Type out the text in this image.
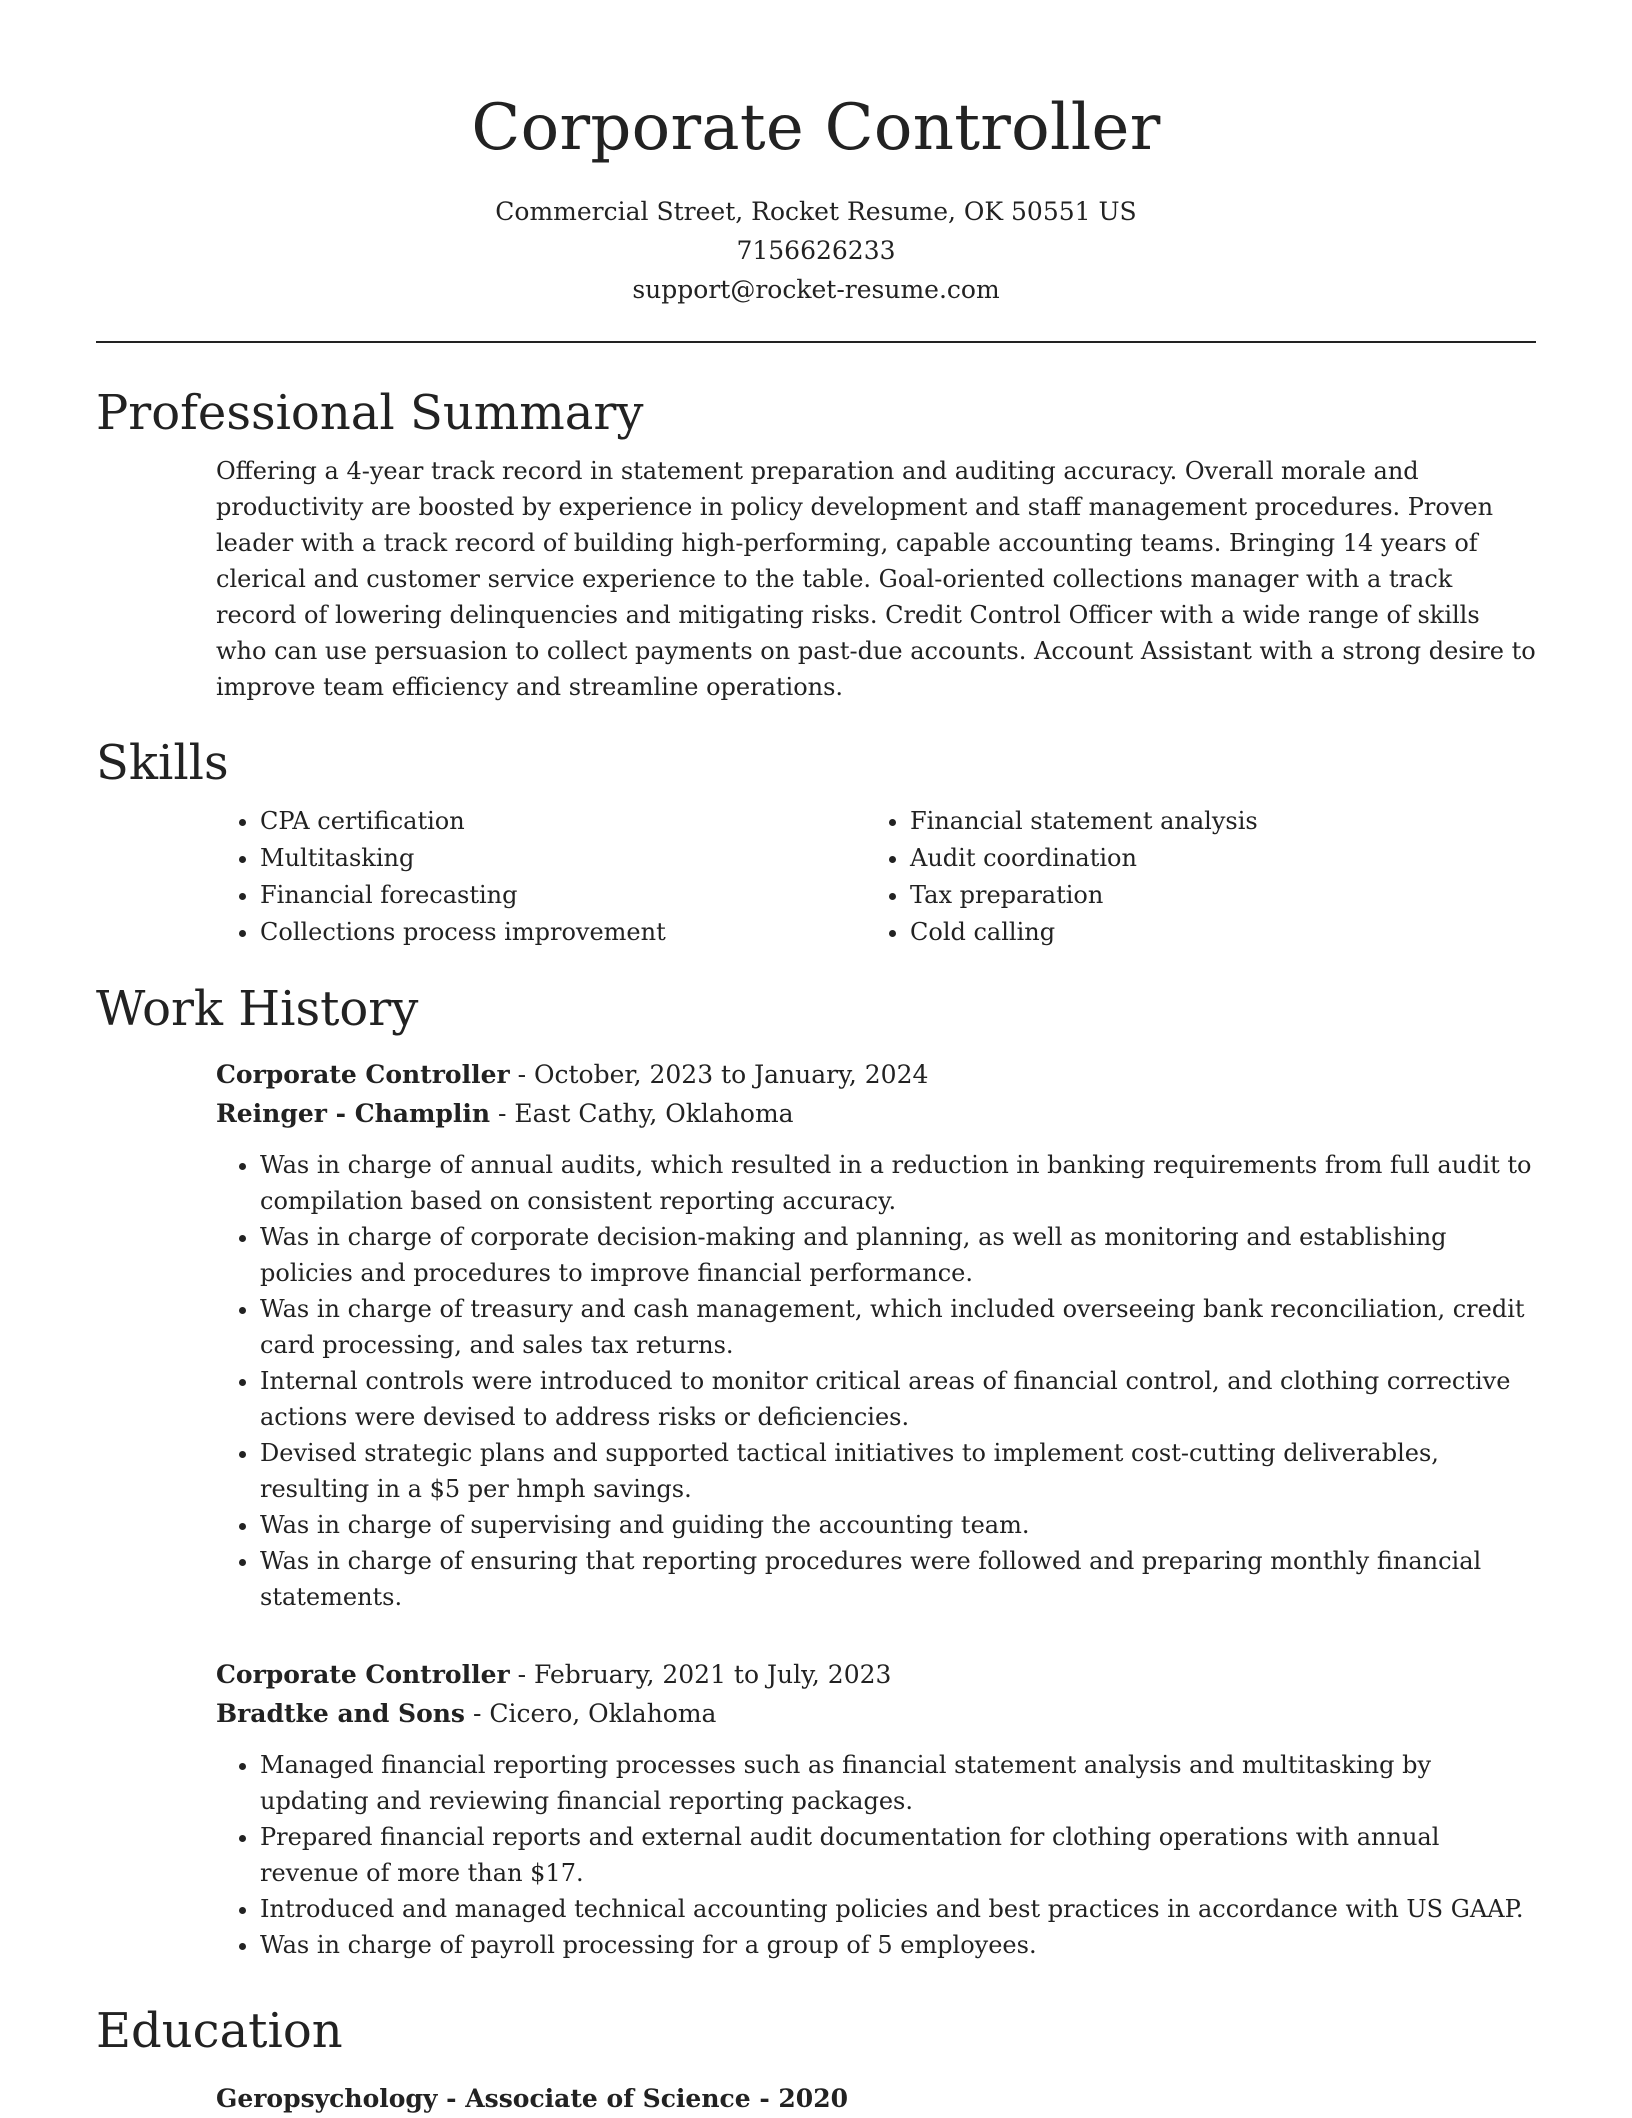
Corporate Controller
Commercial Street, Rocket Resume, OK 50551 US
7156626233
support@rocket-resume.com
Professional Summary

Offering a 4-year track record in statement preparation and auditing accuracy. Overall morale and productivity are boosted by experience in policy development and staff management procedures. Proven leader with a track record of building high-performing, capable accounting teams. Bringing 14 years of clerical and customer service experience to the table. Goal-oriented collections manager with a track record of lowering delinquencies and mitigating risks. Credit Control Officer with a wide range of skills who can use persuasion to collect payments on past-due accounts. Account Assistant with a strong desire to improve team efficiency and streamline operations.

Skills
• CPA certification
• Multitasking
• Financial forecasting
• Collections process improvement
• Financial statement analysis
• Audit coordination
• Tax preparation
• Cold calling
Work History
Corporate Controller - October, 2023 to January, 2024
Reinger - Champlin - East Cathy, Oklahoma
• Was in charge of annual audits, which resulted in a reduction in banking requirements from full audit to compilation based on consistent reporting accuracy.
• Was in charge of corporate decision-making and planning, as well as monitoring and establishing policies and procedures to improve financial performance.
• Was in charge of treasury and cash management, which included overseeing bank reconciliation, credit card processing, and sales tax returns.
• Internal controls were introduced to monitor critical areas of financial control, and clothing corrective actions were devised to address risks or deficiencies.
• Devised strategic plans and supported tactical initiatives to implement cost-cutting deliverables, resulting in a $5 per hmph savings.
• Was in charge of supervising and guiding the accounting team.
• Was in charge of ensuring that reporting procedures were followed and preparing monthly financial statements.
Corporate Controller - February, 2021 to July, 2023
Bradtke and Sons - Cicero, Oklahoma
• Managed financial reporting processes such as financial statement analysis and multitasking by updating and reviewing financial reporting packages.
• Prepared financial reports and external audit documentation for clothing operations with annual revenue of more than $17.
• Introduced and managed technical accounting policies and best practices in accordance with US GAAP.
• Was in charge of payroll processing for a group of 5 employees.
Education
Geropsychology - Associate of Science - 2020
